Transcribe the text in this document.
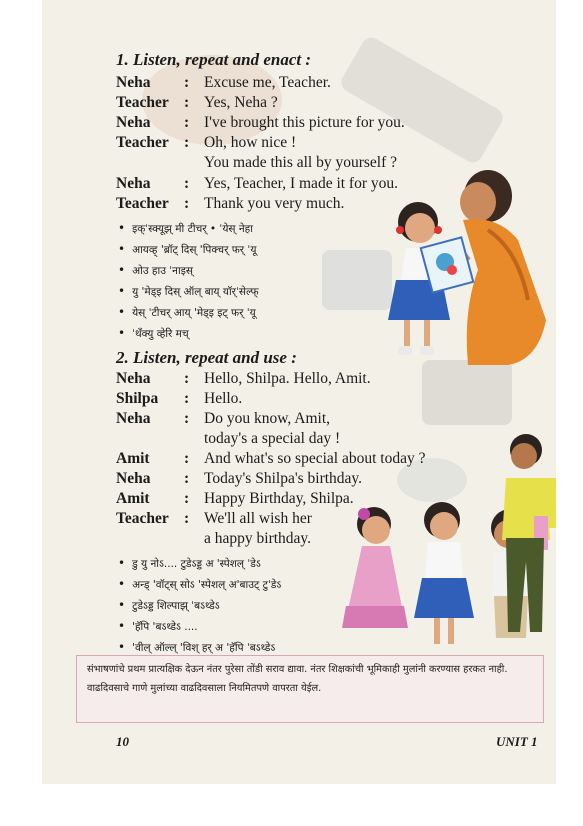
1. Listen, repeat and enact :
Neha : Excuse me, Teacher.
Teacher : Yes, Neha ?
Neha : I've brought this picture for you.
Teacher : Oh, how nice !
You made this all by yourself ?
Neha : Yes, Teacher, I made it for you.
Teacher : Thank you very much.
• इक्ˈस्क्यूझ् मी टीचर् • ˈयेस् नेहा
• आयव्ह् 'ब्रॉट् दिस् 'पिक्चर् फर् ˈयू
• ओउ हाउ ˈनाइस्
• यु 'मेड्इ दिस् ऑल् बाय् यॉर्ˈसेल्फ्
• येस् ˈटीचर् आय् 'मेड्इ इट् फर् ˈयू
• ˈथँक्यु व्हेरि मच्
2. Listen, repeat and use :
Neha : Hello, Shilpa. Hello, Amit.
Shilpa : Hello.
Neha : Do you know, Amit,
today's a special day !
Amit : And what's so special about today ?
Neha : Today's Shilpa's birthday.
Amit : Happy Birthday, Shilpa.
Teacher : We'll all wish her
a happy birthday.
• डु यु नोऽ.... टुडेऽड्ड अ 'स्पेशल् ˈडेऽ
• अन्ड् 'वॉट्स् सोऽ 'स्पेशल् अ'बाउट् टुˈडेऽ
• टुडेऽड्ड शिल्पाझ् ˈबऽथ्डेऽ
• 'हॅपि 'बऽथ्डेऽ ....
• 'वील् ऑल्ल् 'विश् हर् अ 'हॅपि ˈबऽथ्डेऽ
10	UNIT 1
संभाषणांचे प्रथम प्रात्यक्षिक देऊन नंतर पुरेसा तोंडी सराव द्यावा. नंतर शिक्षकांची भूमिकाही मुलांनी करण्यास हरकत नाही. वाढदिवसाचे गाणे मुलांच्या वाढदिवसाला नियमितपणे वापरता येईल.
